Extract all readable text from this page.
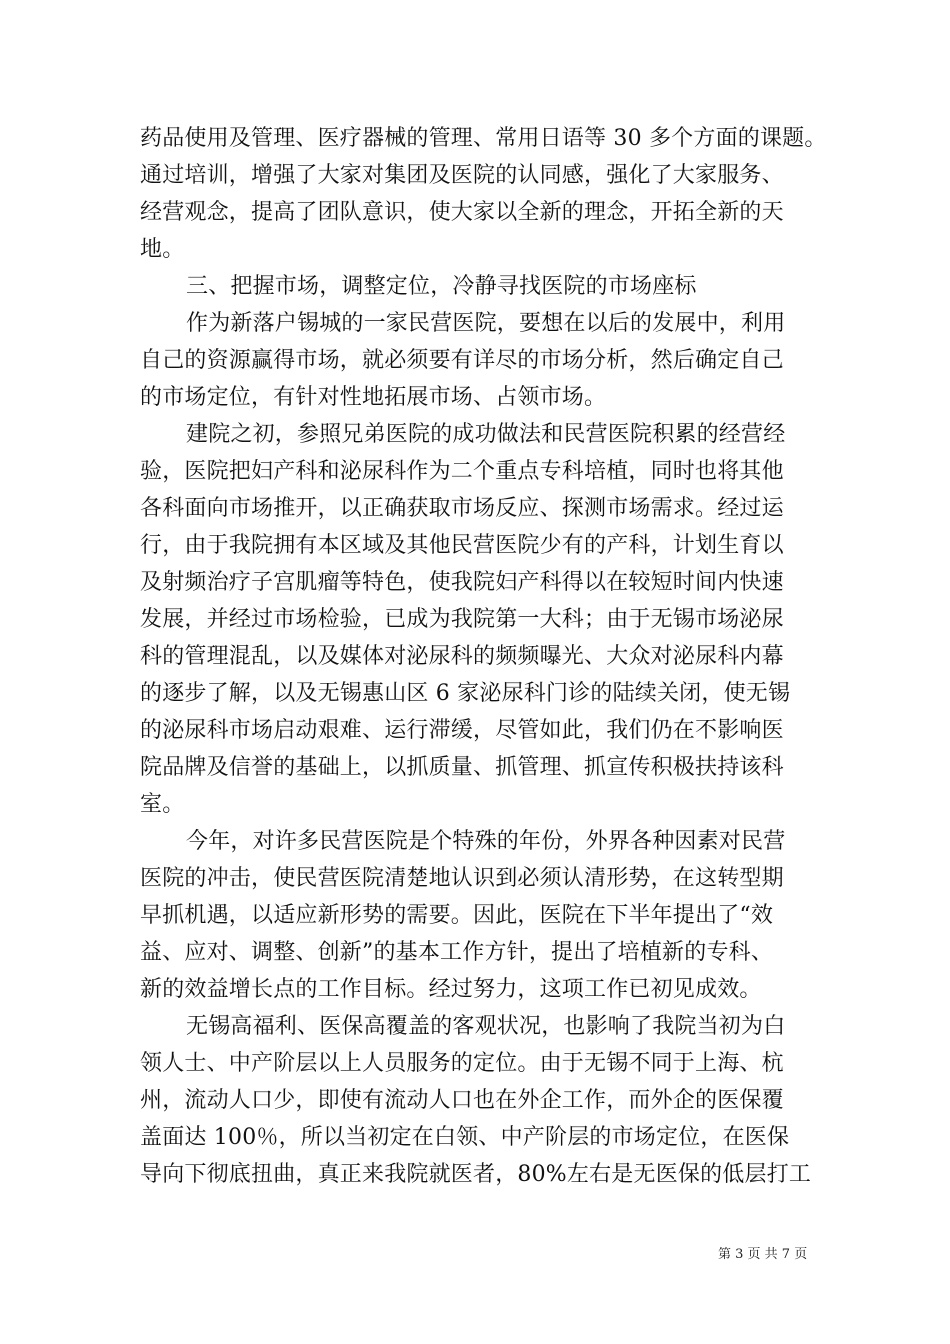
药品使用及管理、医疗器械的管理、常用日语等 30 多个方面的课题。
通过培训，增强了大家对集团及医院的认同感，强化了大家服务、
经营观念，提高了团队意识，使大家以全新的理念，开拓全新的天
地。
三、把握市场，调整定位，冷静寻找医院的市场座标
作为新落户锡城的一家民营医院，要想在以后的发展中，利用
自己的资源赢得市场，就必须要有详尽的市场分析，然后确定自己
的市场定位，有针对性地拓展市场、占领市场。
建院之初，参照兄弟医院的成功做法和民营医院积累的经营经
验，医院把妇产科和泌尿科作为二个重点专科培植，同时也将其他
各科面向市场推开，以正确获取市场反应、探测市场需求。经过运
行，由于我院拥有本区域及其他民营医院少有的产科，计划生育以
及射频治疗子宫肌瘤等特色，使我院妇产科得以在较短时间内快速
发展，并经过市场检验，已成为我院第一大科；由于无锡市场泌尿
科的管理混乱，以及媒体对泌尿科的频频曝光、大众对泌尿科内幕
的逐步了解，以及无锡惠山区 6 家泌尿科门诊的陆续关闭，使无锡
的泌尿科市场启动艰难、运行滞缓，尽管如此，我们仍在不影响医
院品牌及信誉的基础上，以抓质量、抓管理、抓宣传积极扶持该科
室。
今年，对许多民营医院是个特殊的年份，外界各种因素对民营
医院的冲击，使民营医院清楚地认识到必须认清形势，在这转型期
早抓机遇，以适应新形势的需要。因此，医院在下半年提出了“效
益、应对、调整、创新”的基本工作方针，提出了培植新的专科、
新的效益增长点的工作目标。经过努力，这项工作已初见成效。
无锡高福利、医保高覆盖的客观状况，也影响了我院当初为白
领人士、中产阶层以上人员服务的定位。由于无锡不同于上海、杭
州，流动人口少，即使有流动人口也在外企工作，而外企的医保覆
盖面达 100％，所以当初定在白领、中产阶层的市场定位，在医保
导向下彻底扭曲，真正来我院就医者，80%左右是无医保的低层打工
第 3 页 共 7 页
